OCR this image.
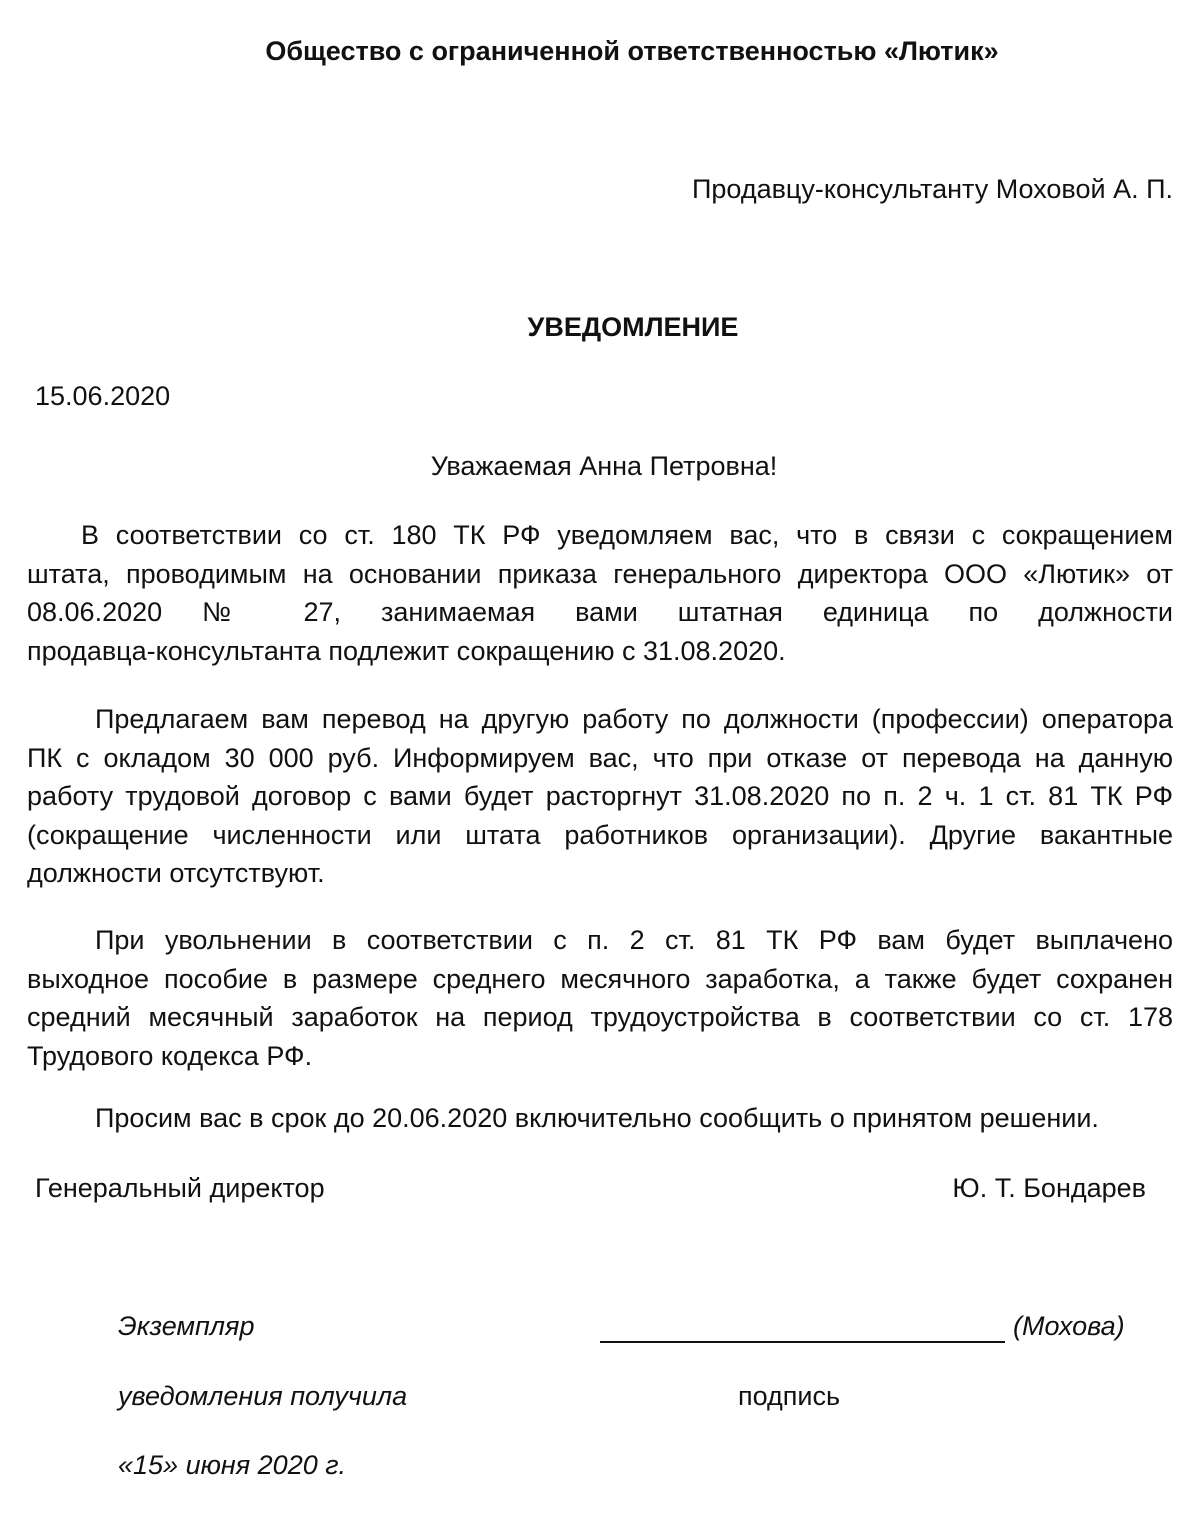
Общество с ограниченной ответственностью «Лютик»
Продавцу-консультанту Моховой А. П.
УВЕДОМЛЕНИЕ
15.06.2020
Уважаемая Анна Петровна!
В соответствии со ст. 180 ТК РФ уведомляем вас, что в связи с сокращением
штата, проводимым на основании приказа генерального директора ООО «Лютик» от
08.06.2020 № 27, занимаемая вами штатная единица по должности
продавца-консультанта подлежит сокращению с 31.08.2020.
Предлагаем вам перевод на другую работу по должности (профессии) оператора
ПК с окладом 30 000 руб. Информируем вас, что при отказе от перевода на данную
работу трудовой договор с вами будет расторгнут 31.08.2020 по п. 2 ч. 1 ст. 81 ТК РФ
(сокращение численности или штата работников организации). Другие вакантные
должности отсутствуют.
При увольнении в соответствии с п. 2 ст. 81 ТК РФ вам будет выплачено
выходное пособие в размере среднего месячного заработка, а также будет сохранен
средний месячный заработок на период трудоустройства в соответствии со ст. 178
Трудового кодекса РФ.
Просим вас в срок до 20.06.2020 включительно сообщить о принятом решении.
Генеральный директор	Ю. Т. Бондарев
Экземпляр	(Мохова)
уведомления получила	подпись
«15» июня 2020 г.
